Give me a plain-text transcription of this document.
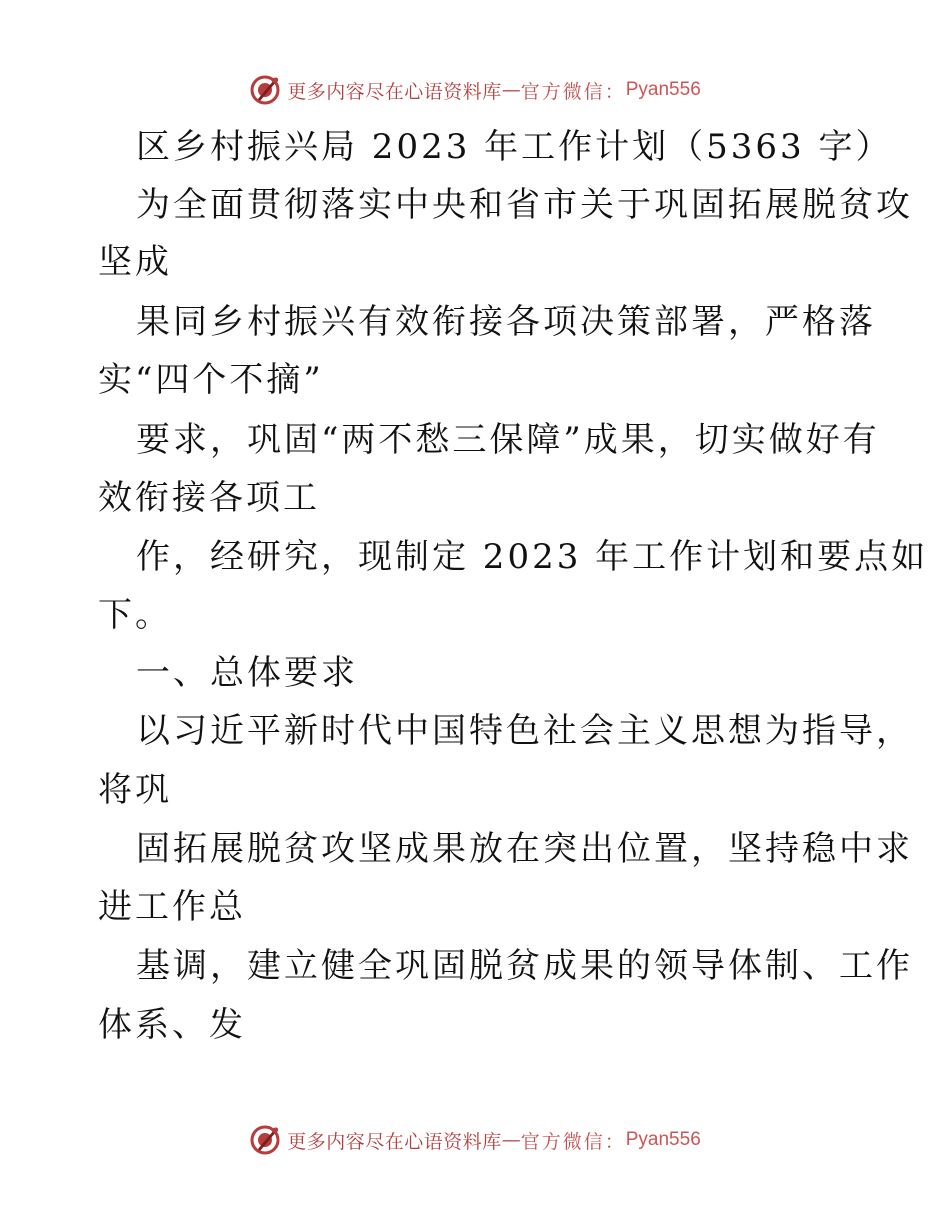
更多内容尽在心语资料库 — 官方微信： Pyan556
区乡村振兴局 2023 年工作计划（5363 字）
为全面贯彻落实中央和省市关于巩固拓展脱贫攻
坚成
果同乡村振兴有效衔接各项决策部署，严格落
实“四个不摘”
要求，巩固“两不愁三保障”成果，切实做好有
效衔接各项工
作，经研究，现制定 2023 年工作计划和要点如
下。
一、总体要求
以习近平新时代中国特色社会主义思想为指导，
将巩
固拓展脱贫攻坚成果放在突出位置，坚持稳中求
进工作总
基调，建立健全巩固脱贫成果的领导体制、工作
体系、发
更多内容尽在心语资料库 — 官方微信： Pyan556
